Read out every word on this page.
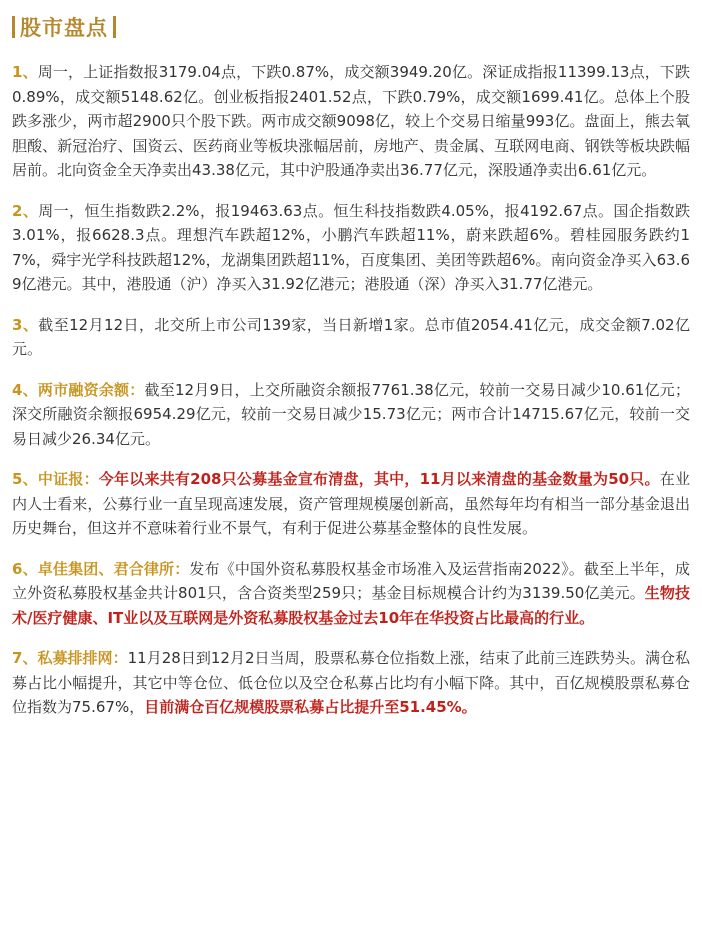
股市盘点

1、周一，上证指数报3179.04点，下跌0.87%，成交额3949.20亿。深证成指报11399.13点，下跌0.89%，成交额5148.62亿。创业板指报2401.52点，下跌0.79%，成交额1699.41亿。总体上个股跌多涨少，两市超2900只个股下跌。两市成交额9098亿，较上个交易日缩量993亿。盘面上，熊去氧胆酸、新冠治疗、国资云、医药商业等板块涨幅居前，房地产、贵金属、互联网电商、钢铁等板块跌幅居前。北向资金全天净卖出43.38亿元，其中沪股通净卖出36.77亿元，深股通净卖出6.61亿元。

2、周一，恒生指数跌2.2%，报19463.63点。恒生科技指数跌4.05%，报4192.67点。国企指数跌3.01%，报6628.3点。理想汽车跌超12%，小鹏汽车跌超11%，蔚来跌超6%。碧桂园服务跌约17%，舜宇光学科技跌超12%，龙湖集团跌超11%，百度集团、美团等跌超6%。南向资金净买入63.69亿港元。其中，港股通（沪）净买入31.92亿港元；港股通（深）净买入31.77亿港元。

3、截至12月12日，北交所上市公司139家，当日新增1家。总市值2054.41亿元，成交金额7.02亿元。

4、两市融资余额：截至12月9日，上交所融资余额报7761.38亿元，较前一交易日减少10.61亿元；深交所融资余额报6954.29亿元，较前一交易日减少15.73亿元；两市合计14715.67亿元，较前一交易日减少26.34亿元。

5、中证报：今年以来共有208只公募基金宣布清盘，其中，11月以来清盘的基金数量为50只。在业内人士看来，公募行业一直呈现高速发展，资产管理规模屡创新高，虽然每年均有相当一部分基金退出历史舞台，但这并不意味着行业不景气，有利于促进公募基金整体的良性发展。

6、卓佳集团、君合律所：发布《中国外资私募股权基金市场准入及运营指南2022》。截至上半年，成立外资私募股权基金共计801只，含合资类型259只；基金目标规模合计约为3139.50亿美元。生物技术/医疗健康、IT业以及互联网是外资私募股权基金过去10年在华投资占比最高的行业。

7、私募排排网：11月28日到12月2日当周，股票私募仓位指数上涨，结束了此前三连跌势头。满仓私募占比小幅提升，其它中等仓位、低仓位以及空仓私募占比均有小幅下降。其中，百亿规模股票私募仓位指数为75.67%，目前满仓百亿规模股票私募占比提升至51.45%。
